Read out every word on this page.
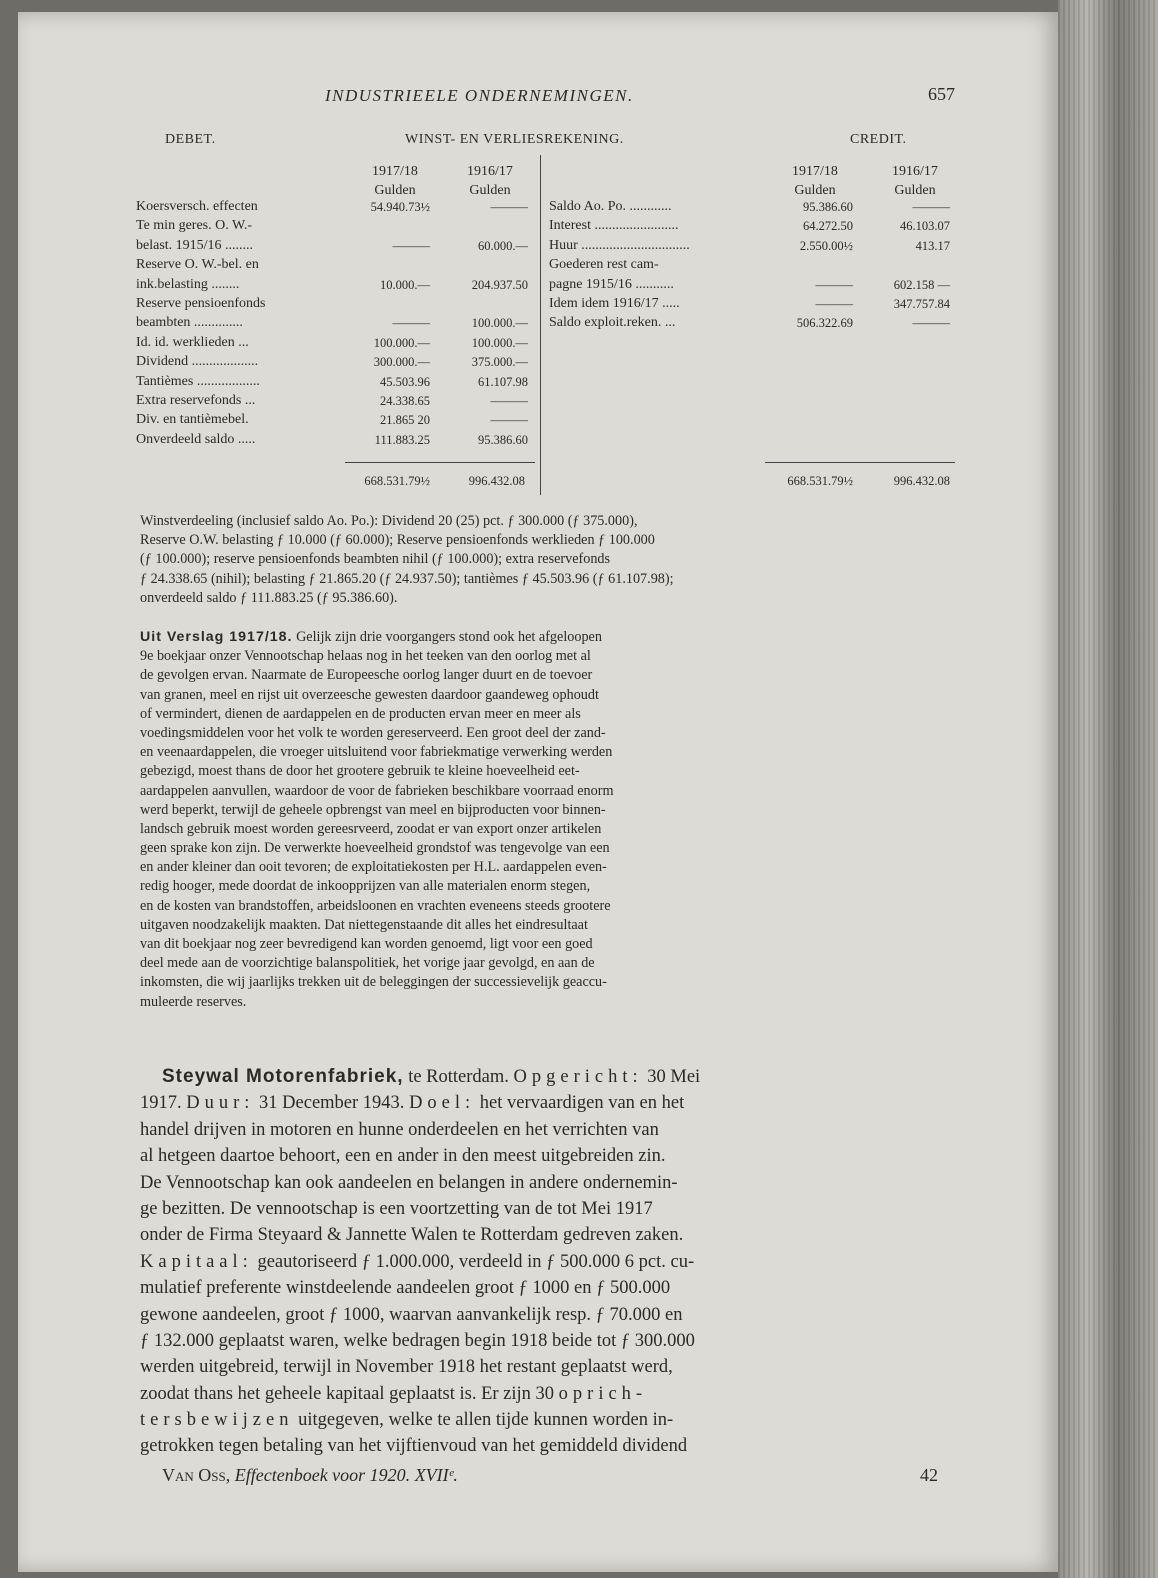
INDUSTRIEELE ONDERNEMINGEN.	657
DEBET.	WINST- EN VERLIESREKENING.	CREDIT.
1917/18
Gulden
1916/17
Gulden
1917/18
Gulden
1916/17
Gulden
Koersversch. effecten	54.940.73½	———
Te min geres. O. W.-
belast. 1915/16 ........	———	60.000.—
Reserve O. W.-bel. en
ink.belasting ........	10.000.—	204.937.50
Reserve pensioenfonds
beambten ..............	———	100.000.—
Id. id. werklieden ...	100.000.—	100.000.—
Dividend ...................	300.000.—	375.000.—
Tantièmes ..................	45.503.96	61.107.98
Extra reservefonds ...	24.338.65	———
Div. en tantièmebel.	21.865 20	———
Onverdeeld saldo .....	111.883.25	95.386.60
Saldo Ao. Po. ............	95.386.60	———
Interest ........................	64.272.50	46.103.07
Huur ...............................	2.550.00½	413.17
Goederen rest cam-
pagne 1915/16 ...........	———	602.158 —
Idem idem 1916/17 .....	———	347.757.84
Saldo exploit.reken. ...	506.322.69	———
668.531.79½	996.432.08	668.531.79½	996.432.08
Winstverdeeling (inclusief saldo Ao. Po.): Dividend 20 (25) pct. ƒ 300.000 (ƒ 375.000),
Reserve O.W. belasting ƒ 10.000 (ƒ 60.000); Reserve pensioenfonds werklieden ƒ 100.000
(ƒ 100.000); reserve pensioenfonds beambten nihil (ƒ 100.000); extra reservefonds
ƒ 24.338.65 (nihil); belasting ƒ 21.865.20 (ƒ 24.937.50); tantièmes ƒ 45.503.96 (ƒ 61.107.98);
onverdeeld saldo ƒ 111.883.25 (ƒ 95.386.60).
Uit Verslag 1917/18. Gelijk zijn drie voorgangers stond ook het afgeloopen
9e boekjaar onzer Vennootschap helaas nog in het teeken van den oorlog met al
de gevolgen ervan. Naarmate de Europeesche oorlog langer duurt en de toevoer
van granen, meel en rijst uit overzeesche gewesten daardoor gaandeweg ophoudt
of vermindert, dienen de aardappelen en de producten ervan meer en meer als
voedingsmiddelen voor het volk te worden gereserveerd. Een groot deel der zand-
en veenaardappelen, die vroeger uitsluitend voor fabriekmatige verwerking werden
gebezigd, moest thans de door het grootere gebruik te kleine hoeveelheid eet-
aardappelen aanvullen, waardoor de voor de fabrieken beschikbare voorraad enorm
werd beperkt, terwijl de geheele opbrengst van meel en bijproducten voor binnen-
landsch gebruik moest worden gereesrveerd, zoodat er van export onzer artikelen
geen sprake kon zijn. De verwerkte hoeveelheid grondstof was tengevolge van een
en ander kleiner dan ooit tevoren; de exploitatiekosten per H.L. aardappelen even-
redig hooger, mede doordat de inkoopprijzen van alle materialen enorm stegen,
en de kosten van brandstoffen, arbeidsloonen en vrachten eveneens steeds grootere
uitgaven noodzakelijk maakten. Dat niettegenstaande dit alles het eindresultaat
van dit boekjaar nog zeer bevredigend kan worden genoemd, ligt voor een goed
deel mede aan de voorzichtige balanspolitiek, het vorige jaar gevolgd, en aan de
inkomsten, die wij jaarlijks trekken uit de beleggingen der successievelijk geaccu-
muleerde reserves.
Steywal Motorenfabriek, te Rotterdam. Opgericht: 30 Mei
1917. Duur: 31 December 1943. Doel: het vervaardigen van en het
handel drijven in motoren en hunne onderdeelen en het verrichten van
al hetgeen daartoe behoort, een en ander in den meest uitgebreiden zin.
De Vennootschap kan ook aandeelen en belangen in andere ondernemin-
ge bezitten. De vennootschap is een voortzetting van de tot Mei 1917
onder de Firma Steyaard & Jannette Walen te Rotterdam gedreven zaken.
Kapitaal: geautoriseerd ƒ 1.000.000, verdeeld in ƒ 500.000 6 pct. cu-
mulatief preferente winstdeelende aandeelen groot ƒ 1000 en ƒ 500.000
gewone aandeelen, groot ƒ 1000, waarvan aanvankelijk resp. ƒ 70.000 en
ƒ 132.000 geplaatst waren, welke bedragen begin 1918 beide tot ƒ 300.000
werden uitgebreid, terwijl in November 1918 het restant geplaatst werd,
zoodat thans het geheele kapitaal geplaatst is. Er zijn 30 oprich-
tersbewijzen uitgegeven, welke te allen tijde kunnen worden in-
getrokken tegen betaling van het vijftienvoud van het gemiddeld dividend
Van Oss, Effectenboek voor 1920. XVIIᵉ.	42
